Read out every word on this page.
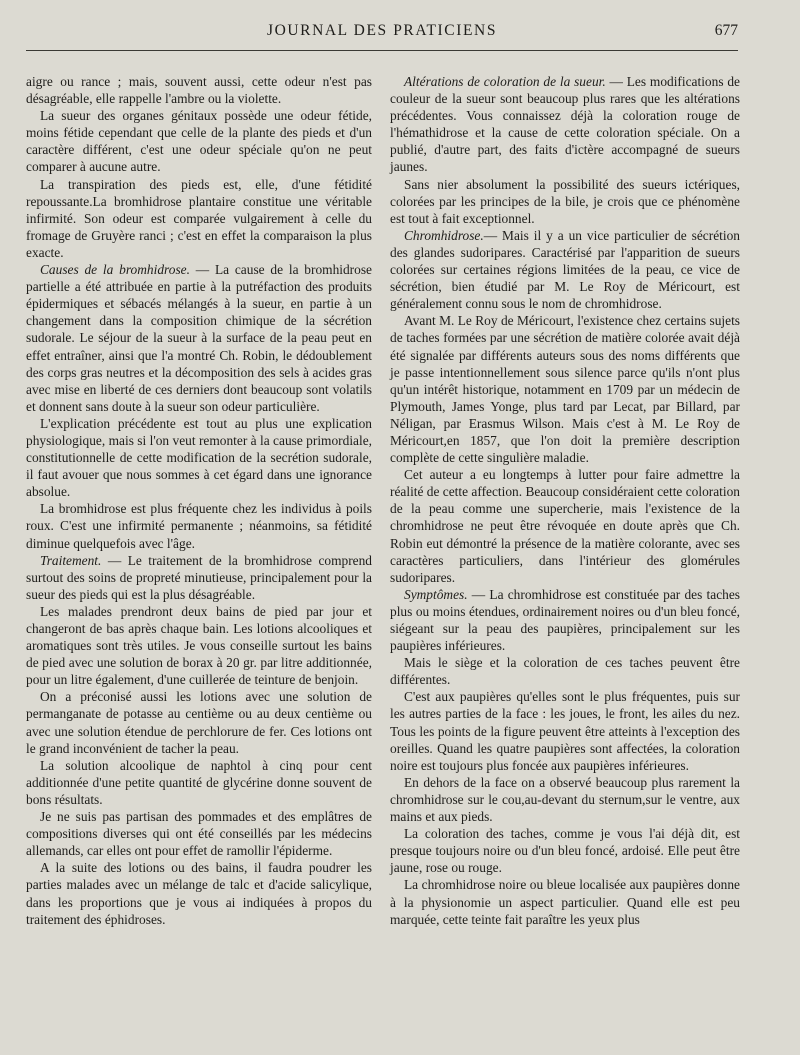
JOURNAL DES PRATICIENS	677

aigre ou rance ; mais, souvent aussi, cette odeur n'est pas désagréable, elle rappelle l'ambre ou la violette.

La sueur des organes génitaux possède une odeur fétide, moins fétide cependant que celle de la plante des pieds et d'un caractère différent, c'est une odeur spéciale qu'on ne peut comparer à aucune autre.

La transpiration des pieds est, elle, d'une fétidité repoussante.La bromhidrose plantaire constitue une véritable infirmité. Son odeur est comparée vulgairement à celle du fromage de Gruyère ranci ; c'est en effet la comparaison la plus exacte.

Causes de la bromhidrose. — La cause de la bromhidrose partielle a été attribuée en partie à la putréfaction des produits épidermiques et sébacés mélangés à la sueur, en partie à un changement dans la composition chimique de la sécrétion sudorale. Le séjour de la sueur à la surface de la peau peut en effet entraîner, ainsi que l'a montré Ch. Robin, le dédoublement des corps gras neutres et la décomposition des sels à acides gras avec mise en liberté de ces derniers dont beaucoup sont volatils et donnent sans doute à la sueur son odeur particulière.

L'explication précédente est tout au plus une explication physiologique, mais si l'on veut remonter à la cause primordiale, constitutionnelle de cette modification de la secrétion sudorale, il faut avouer que nous sommes à cet égard dans une ignorance absolue.

La bromhidrose est plus fréquente chez les individus à poils roux. C'est une infirmité permanente ; néanmoins, sa fétidité diminue quelquefois avec l'âge.

Traitement. — Le traitement de la bromhidrose comprend surtout des soins de propreté minutieuse, principalement pour la sueur des pieds qui est la plus désagréable.

Les malades prendront deux bains de pied par jour et changeront de bas après chaque bain. Les lotions alcooliques et aromatiques sont très utiles. Je vous conseille surtout les bains de pied avec une solution de borax à 20 gr. par litre additionnée, pour un litre également, d'une cuillerée de teinture de benjoin.

On a préconisé aussi les lotions avec une solution de permanganate de potasse au centième ou au deux centième ou avec une solution étendue de perchlorure de fer. Ces lotions ont le grand inconvénient de tacher la peau.

La solution alcoolique de naphtol à cinq pour cent additionnée d'une petite quantité de glycérine donne souvent de bons résultats.

Je ne suis pas partisan des pommades et des emplâtres de compositions diverses qui ont été conseillés par les médecins allemands, car elles ont pour effet de ramollir l'épiderme.

A la suite des lotions ou des bains, il faudra poudrer les parties malades avec un mélange de talc et d'acide salicylique, dans les proportions que je vous ai indiquées à propos du traitement des éphidroses.

Altérations de coloration de la sueur. — Les modifications de couleur de la sueur sont beaucoup plus rares que les altérations précédentes. Vous connaissez déjà la coloration rouge de l'hémathidrose et la cause de cette coloration spéciale. On a publié, d'autre part, des faits d'ictère accompagné de sueurs jaunes.

Sans nier absolument la possibilité des sueurs ictériques, colorées par les principes de la bile, je crois que ce phénomène est tout à fait exceptionnel.

Chromhidrose.— Mais il y a un vice particulier de sécrétion des glandes sudoripares. Caractérisé par l'apparition de sueurs colorées sur certaines régions limitées de la peau, ce vice de sécrétion, bien étudié par M. Le Roy de Méricourt, est généralement connu sous le nom de chromhidrose.

Avant M. Le Roy de Méricourt, l'existence chez certains sujets de taches formées par une sécrétion de matière colorée avait déjà été signalée par différents auteurs sous des noms différents que je passe intentionnellement sous silence parce qu'ils n'ont plus qu'un intérêt historique, notamment en 1709 par un médecin de Plymouth, James Yonge, plus tard par Lecat, par Billard, par Néligan, par Erasmus Wilson. Mais c'est à M. Le Roy de Méricourt,en 1857, que l'on doit la première description complète de cette singulière maladie.

Cet auteur a eu longtemps à lutter pour faire admettre la réalité de cette affection. Beaucoup considéraient cette coloration de la peau comme une supercherie, mais l'existence de la chromhidrose ne peut être révoquée en doute après que Ch. Robin eut démontré la présence de la matière colorante, avec ses caractères particuliers, dans l'intérieur des glomérules sudoripares.

Symptômes. — La chromhidrose est constituée par des taches plus ou moins étendues, ordinairement noires ou d'un bleu foncé, siégeant sur la peau des paupières, principalement sur les paupières inférieures.

Mais le siège et la coloration de ces taches peuvent être différentes.

C'est aux paupières qu'elles sont le plus fréquentes, puis sur les autres parties de la face : les joues, le front, les ailes du nez. Tous les points de la figure peuvent être atteints à l'exception des oreilles. Quand les quatre paupières sont affectées, la coloration noire est toujours plus foncée aux paupières inférieures.

En dehors de la face on a observé beaucoup plus rarement la chromhidrose sur le cou,au-devant du sternum,sur le ventre, aux mains et aux pieds.

La coloration des taches, comme je vous l'ai déjà dit, est presque toujours noire ou d'un bleu foncé, ardoisé. Elle peut être jaune, rose ou rouge.

La chromhidrose noire ou bleue localisée aux paupières donne à la physionomie un aspect particulier. Quand elle est peu marquée, cette teinte fait paraître les yeux plus
